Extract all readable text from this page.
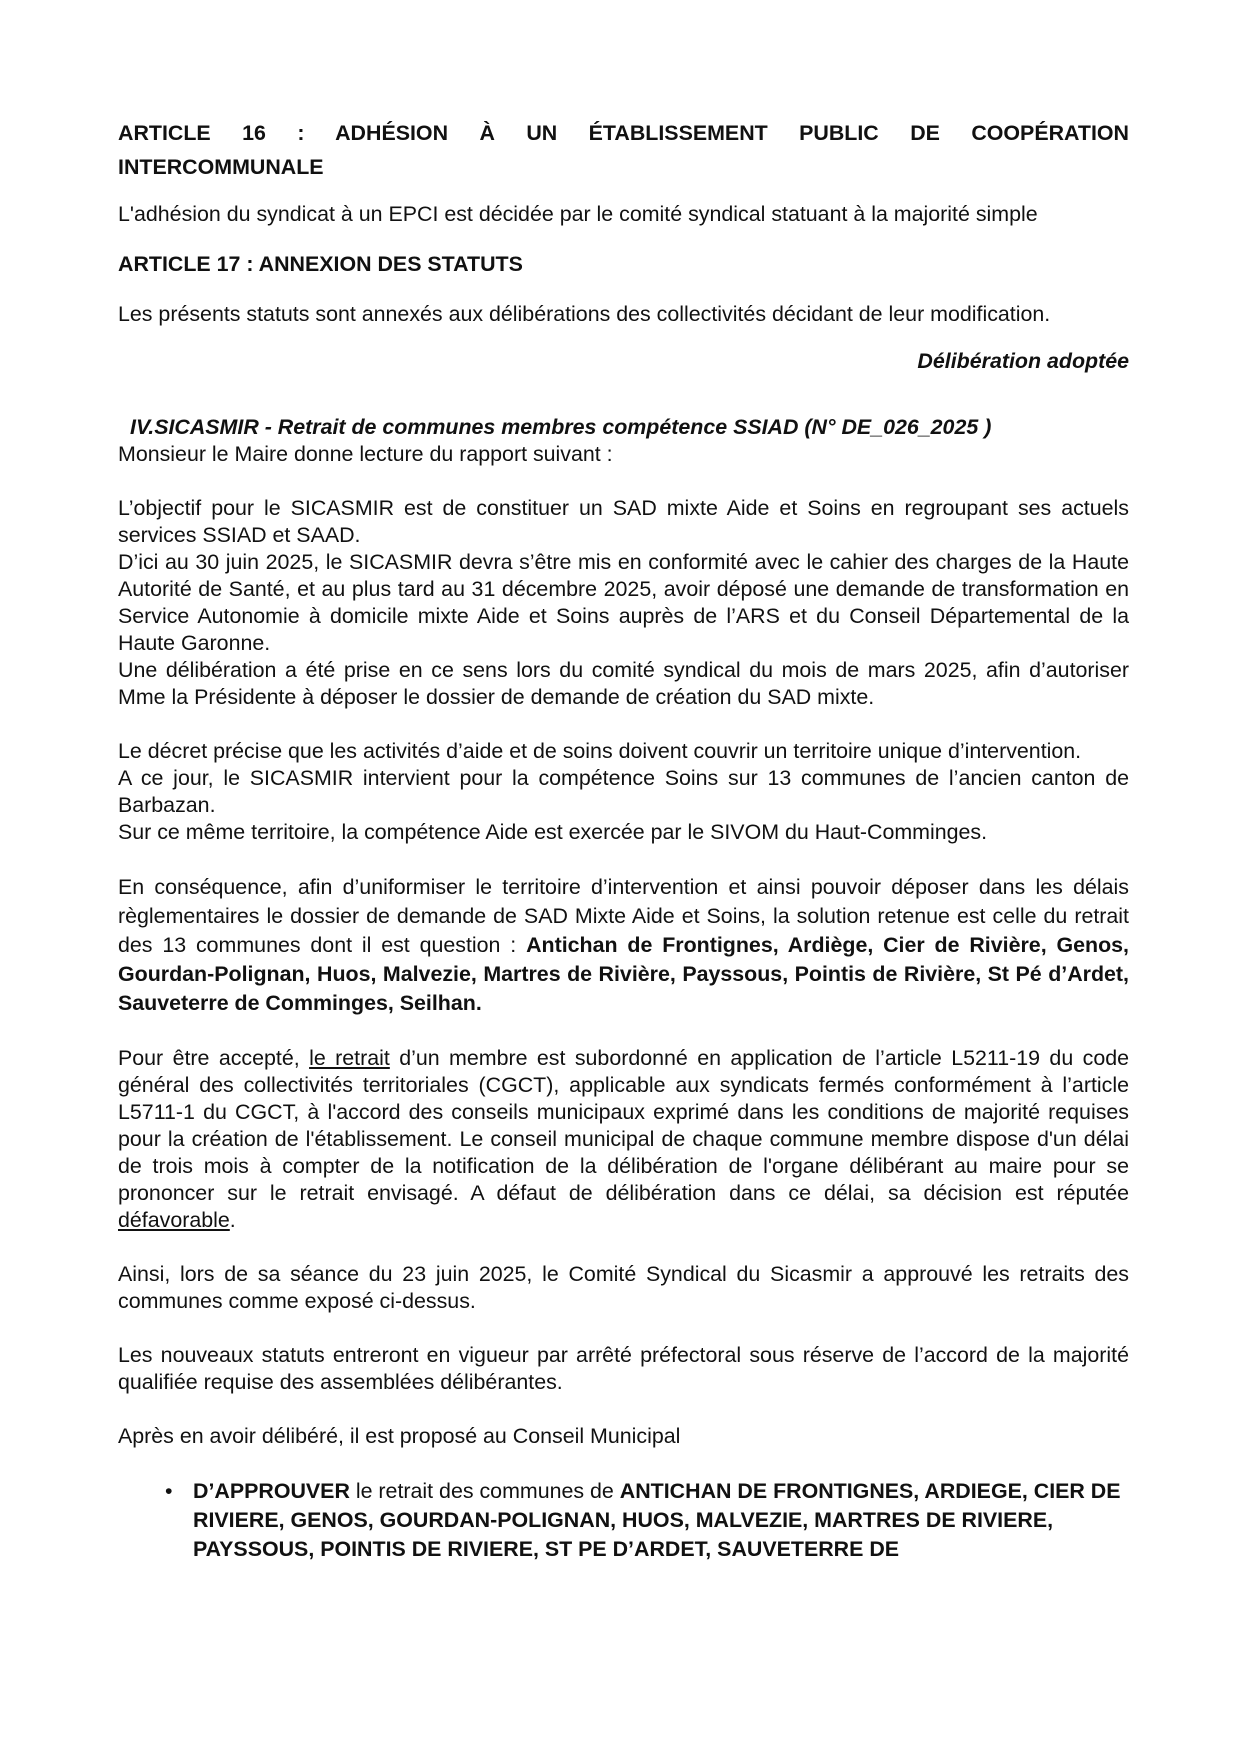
ARTICLE 16 : ADHÉSION À UN ÉTABLISSEMENT PUBLIC DE COOPÉRATION

INTERCOMMUNALE

L'adhésion du syndicat à un EPCI est décidée par le comité syndical statuant à la majorité simple

ARTICLE 17 : ANNEXION DES STATUTS

Les présents statuts sont annexés aux délibérations des collectivités décidant de leur modification.

Délibération adoptée

IV.SICASMIR - Retrait de communes membres compétence SSIAD (N° DE_026_2025 )

Monsieur le Maire donne lecture du rapport suivant :

L’objectif pour le SICASMIR est de constituer un SAD mixte Aide et Soins en regroupant ses actuels services SSIAD et SAAD.

D’ici au 30 juin 2025, le SICASMIR devra s’être mis en conformité avec le cahier des charges de la Haute Autorité de Santé, et au plus tard au 31 décembre 2025, avoir déposé une demande de transformation en Service Autonomie à domicile mixte Aide et Soins auprès de l’ARS et du Conseil Départemental de la Haute Garonne.

Une délibération a été prise en ce sens lors du comité syndical du mois de mars 2025, afin d’autoriser Mme la Présidente à déposer le dossier de demande de création du SAD mixte.

Le décret précise que les activités d’aide et de soins doivent couvrir un territoire unique d’intervention.

A ce jour, le SICASMIR intervient pour la compétence Soins sur 13 communes de l’ancien canton de Barbazan.

Sur ce même territoire, la compétence Aide est exercée par le SIVOM du Haut-Comminges.

En conséquence, afin d’uniformiser le territoire d’intervention et ainsi pouvoir déposer dans les délais règlementaires le dossier de demande de SAD Mixte Aide et Soins, la solution retenue est celle du retrait des 13 communes dont il est question : Antichan de Frontignes, Ardiège, Cier de Rivière, Genos, Gourdan-Polignan, Huos, Malvezie, Martres de Rivière, Payssous, Pointis de Rivière, St Pé d’Ardet, Sauveterre de Comminges, Seilhan.

Pour être accepté, le retrait d’un membre est subordonné en application de l’article L5211-19 du code général des collectivités territoriales (CGCT), applicable aux syndicats fermés conformément à l’article L5711-1 du CGCT, à l'accord des conseils municipaux exprimé dans les conditions de majorité requises pour la création de l'établissement. Le conseil municipal de chaque commune membre dispose d'un délai de trois mois à compter de la notification de la délibération de l'organe délibérant au maire pour se prononcer sur le retrait envisagé. A défaut de délibération dans ce délai, sa décision est réputée défavorable.

Ainsi, lors de sa séance du 23 juin 2025, le Comité Syndical du Sicasmir a approuvé les retraits des communes comme exposé ci-dessus.

Les nouveaux statuts entreront en vigueur par arrêté préfectoral sous réserve de l’accord de la majorité qualifiée requise des assemblées délibérantes.

Après en avoir délibéré, il est proposé au Conseil Municipal

• D’APPROUVER le retrait des communes de ANTICHAN DE FRONTIGNES, ARDIEGE, CIER DE RIVIERE, GENOS, GOURDAN-POLIGNAN, HUOS, MALVEZIE, MARTRES DE RIVIERE, PAYSSOUS, POINTIS DE RIVIERE, ST PE D’ARDET, SAUVETERRE DE
